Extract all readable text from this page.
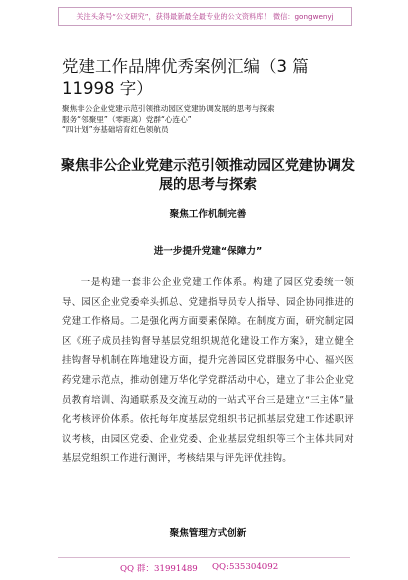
关注头条号“公文研究”，获得最新最全最专业的公文资料库！ 微信：gongwenyj
党建工作品牌优秀案例汇编（3 篇 11998 字）
聚焦非公企业党建示范引领推动园区党建协调发展的思考与探索
服务“邻聚里”（零距离）党群“心连心”
“四计划”夯基础培育红色领航员
聚焦非公企业党建示范引领推动园区党建协调发展的思考与探索
聚焦工作机制完善
进一步提升党建“保障力”

一是构建一套非公企业党建工作体系。构建了园区党委统一领导、园区企业党委牵头抓总、党建指导员专人指导、园企协同推进的党建工作格局。二是强化两方面要素保障。在制度方面，研究制定园区《班子成员挂钩督导基层党组织规范化建设工作方案》，建立健全挂钩督导机制在阵地建设方面，提升完善园区党群服务中心、福兴医药党建示范点，推动创建万华化学党群活动中心，建立了非公企业党员教育培训、沟通联系及交流互动的一站式平台三是建立“三主体”量化考核评价体系。依托每年度基层党组织书记抓基层党建工作述职评议考核，由园区党委、企业党委、企业基层党组织等三个主体共同对基层党组织工作进行测评，考核结果与评先评优挂钩。

聚焦管理方式创新
QQ 群：31991489 QQ:535304092
